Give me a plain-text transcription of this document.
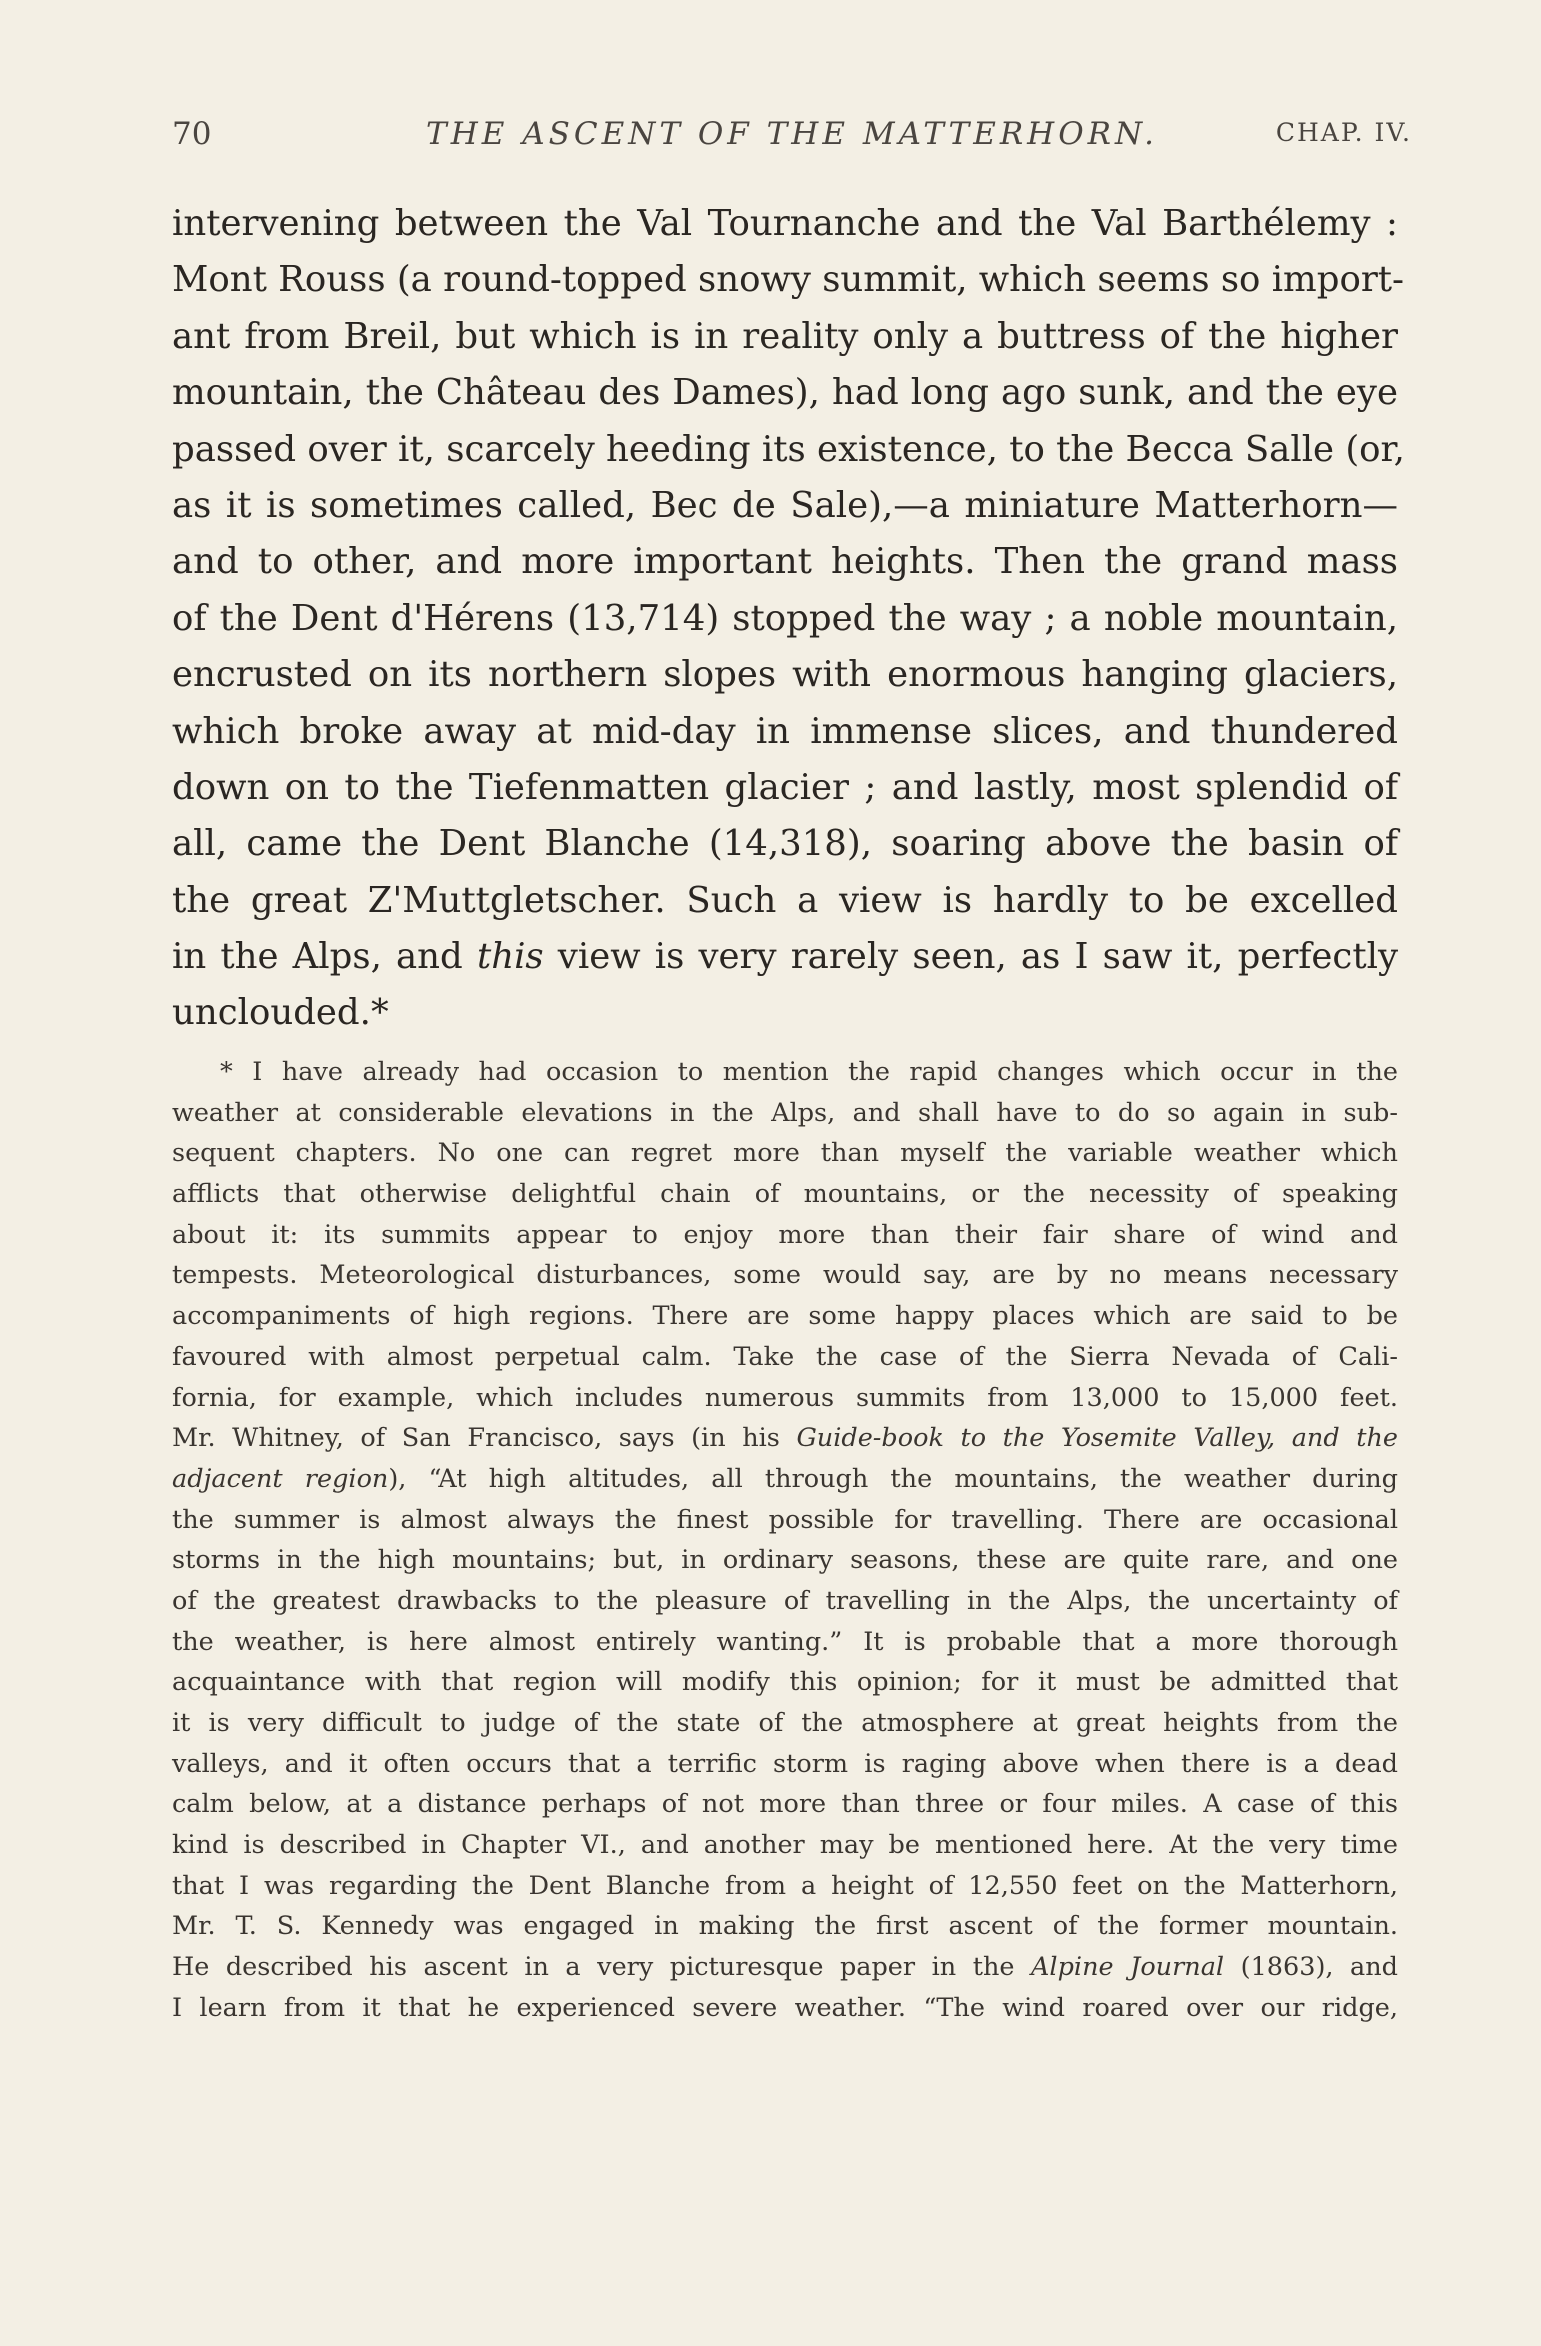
70	THE ASCENT OF THE MATTERHORN.	CHAP. IV.
intervening between the Val Tournanche and the Val Barthélemy :
Mont Rouss (a round-topped snowy summit, which seems so import-
ant from Breil, but which is in reality only a buttress of the higher
mountain, the Château des Dames), had long ago sunk, and the eye
passed over it, scarcely heeding its existence, to the Becca Salle (or,
as it is sometimes called, Bec de Sale),—a miniature Matterhorn—
and to other, and more important heights. Then the grand mass
of the Dent d'Hérens (13,714) stopped the way ; a noble mountain,
encrusted on its northern slopes with enormous hanging glaciers,
which broke away at mid-day in immense slices, and thundered
down on to the Tiefenmatten glacier ; and lastly, most splendid of
all, came the Dent Blanche (14,318), soaring above the basin of
the great Z'Muttgletscher. Such a view is hardly to be excelled
in the Alps, and this view is very rarely seen, as I saw it, perfectly
unclouded.*
* I have already had occasion to mention the rapid changes which occur in the
weather at considerable elevations in the Alps, and shall have to do so again in sub-
sequent chapters. No one can regret more than myself the variable weather which
afflicts that otherwise delightful chain of mountains, or the necessity of speaking
about it: its summits appear to enjoy more than their fair share of wind and
tempests. Meteorological disturbances, some would say, are by no means necessary
accompaniments of high regions. There are some happy places which are said to be
favoured with almost perpetual calm. Take the case of the Sierra Nevada of Cali-
fornia, for example, which includes numerous summits from 13,000 to 15,000 feet.
Mr. Whitney, of San Francisco, says (in his Guide-book to the Yosemite Valley, and the
adjacent region), “At high altitudes, all through the mountains, the weather during
the summer is almost always the finest possible for travelling. There are occasional
storms in the high mountains; but, in ordinary seasons, these are quite rare, and one
of the greatest drawbacks to the pleasure of travelling in the Alps, the uncertainty of
the weather, is here almost entirely wanting.” It is probable that a more thorough
acquaintance with that region will modify this opinion; for it must be admitted that
it is very difficult to judge of the state of the atmosphere at great heights from the
valleys, and it often occurs that a terrific storm is raging above when there is a dead
calm below, at a distance perhaps of not more than three or four miles. A case of this
kind is described in Chapter VI., and another may be mentioned here. At the very time
that I was regarding the Dent Blanche from a height of 12,550 feet on the Matterhorn,
Mr. T. S. Kennedy was engaged in making the first ascent of the former mountain.
He described his ascent in a very picturesque paper in the Alpine Journal (1863), and
I learn from it that he experienced severe weather. “The wind roared over our ridge,
